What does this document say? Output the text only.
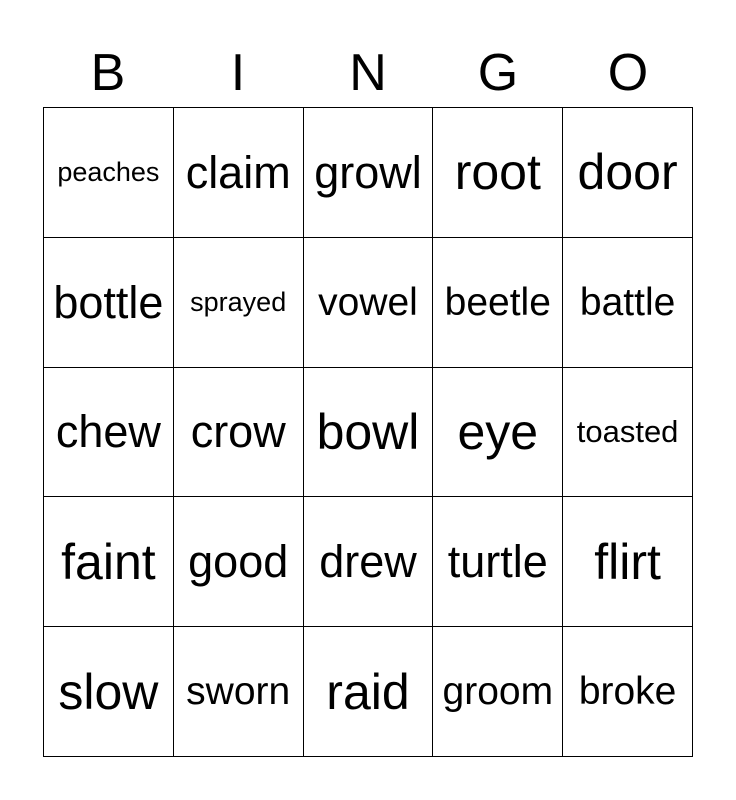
B	I	N	G	O
peaches claim growl root door
bottle sprayed vowel beetle battle
chew crow bowl eye	toasted
faint good drew turtle flirt
slow sworn raid groom broke
